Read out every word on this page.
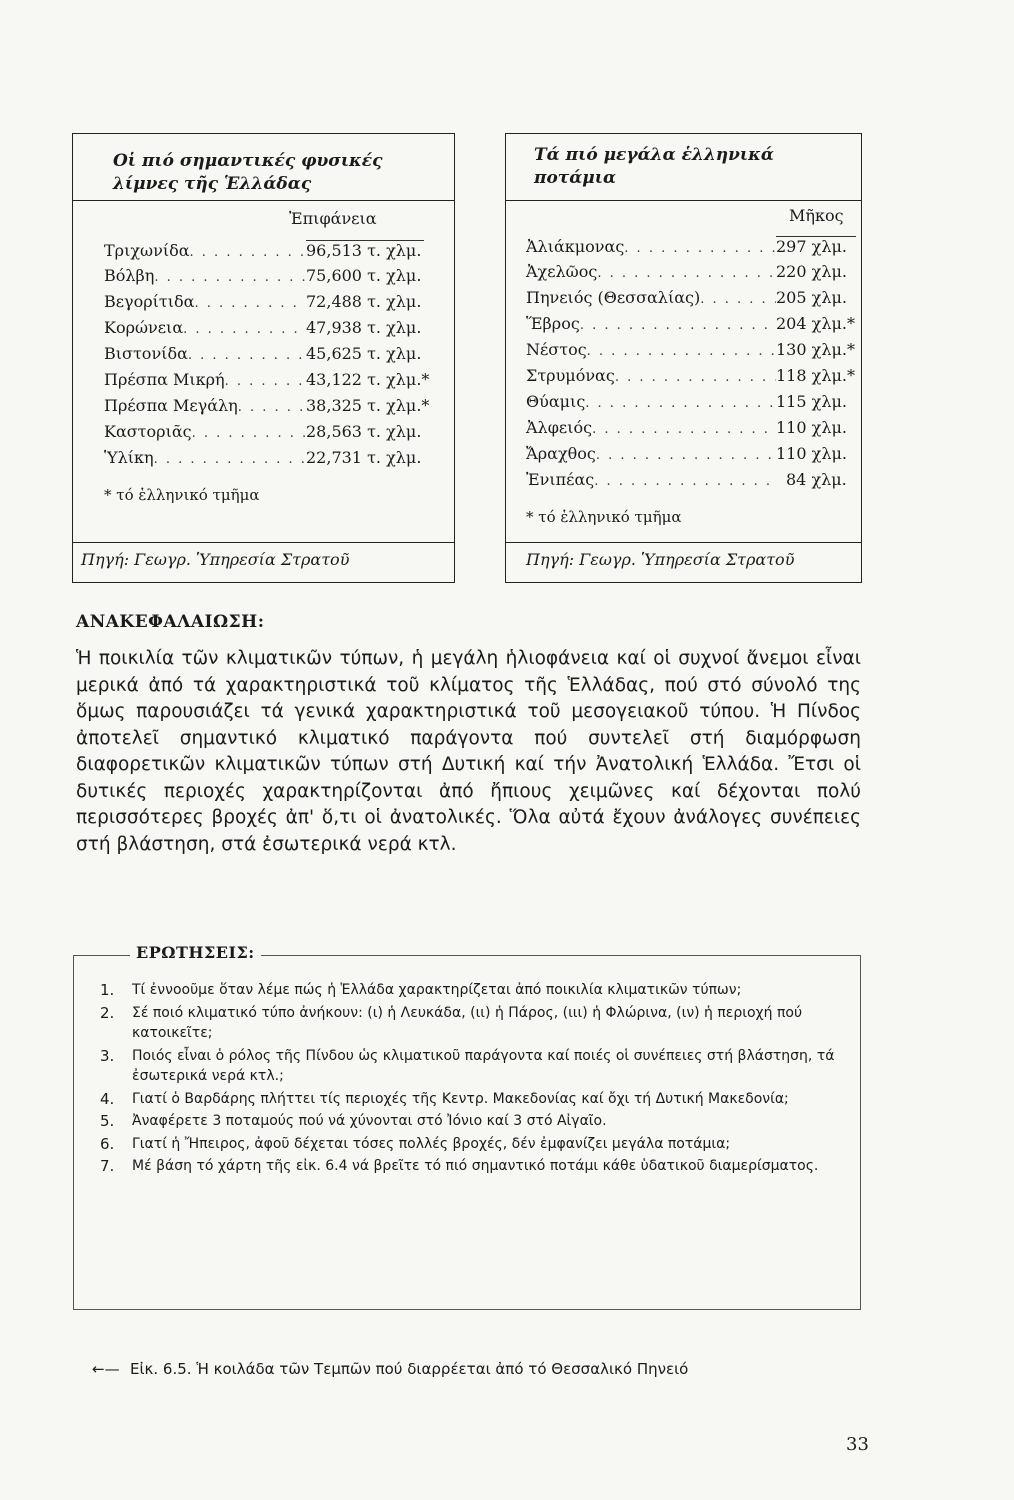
Οἱ πιό σημαντικές φυσικές
λίμνες τῆς Ἑλλάδας
Ἐπιφάνεια
Τριχωνίδα . . .	96,513 τ. χλμ.
Βόλβη . . .	75,600 τ. χλμ.
Βεγορίτιδα . . .	72,488 τ. χλμ.
Κορώνεια . . .	47,938 τ. χλμ.
Βιστονίδα . . .	45,625 τ. χλμ.
Πρέσπα Μικρή . . .	43,122 τ. χλμ.*
Πρέσπα Μεγάλη . . .	38,325 τ. χλμ.*
Καστοριᾶς . . .	28,563 τ. χλμ.
Ὑλίκη . . .	22,731 τ. χλμ.
* τό ἑλληνικό τμῆμα
Πηγή: Γεωγρ. Ὑπηρεσία Στρατοῦ
Τά πιό μεγάλα ἑλληνικά
ποτάμια
Μῆκος
Ἀλιάκμονας . . .	297 χλμ.
Ἀχελῶος . . .	220 χλμ.
Πηνειός (Θεσσαλίας) . . .	205 χλμ.
Ἕβρος . . .	204 χλμ.*
Νέστος . . .	130 χλμ.*
Στρυμόνας . . .	118 χλμ.*
Θύαμις . . .	115 χλμ.
Ἀλφειός . . .	110 χλμ.
Ἄραχθος . . .	110 χλμ.
Ἐνιπέας . . .	84 χλμ.
* τό ἑλληνικό τμῆμα
Πηγή: Γεωγρ. Ὑπηρεσία Στρατοῦ
ΑΝΑΚΕΦΑΛΑΙΩΣΗ:

Ἡ ποικιλία τῶν κλιματικῶν τύπων, ἡ μεγάλη ἡλιοφάνεια καί οἱ συχνοί ἄνεμοι εἶναι μερικά ἀπό τά χαρακτηριστικά τοῦ κλίματος τῆς Ἑλλάδας, πού στό σύνολό της ὅμως παρουσιάζει τά γενικά χαρακτηριστικά τοῦ μεσογειακοῦ τύπου. Ἡ Πίνδος ἀποτελεῖ σημαντικό κλιματικό παράγοντα πού συντελεῖ στή διαμόρφωση διαφορετικῶν κλιματικῶν τύπων στή Δυτική καί τήν Ἀνατολική Ἑλλάδα. Ἔτσι οἱ δυτικές περιοχές χαρακτηρίζονται ἀπό ἤπιους χειμῶνες καί δέχονται πολύ περισσότερες βροχές ἀπ' ὅ,τι οἱ ἀνατολικές. Ὅλα αὐτά ἔχουν ἀνάλογες συνέπειες στή βλάστηση, στά ἐσωτερικά νερά κτλ.

ΕΡΩΤΗΣΕΙΣ:
1.	Τί ἐννοοῦμε ὅταν λέμε πώς ἡ Ἑλλάδα χαρακτηρίζεται ἀπό ποικιλία κλιματικῶν τύπων;
2.	Σέ ποιό κλιματικό τύπο ἀνήκουν: (ι) ἡ Λευκάδα, (ιι) ἡ Πάρος, (ιιι) ἡ Φλώρινα, (ιν) ἡ περιοχή πού κατοικεῖτε;
3.	Ποιός εἶναι ὁ ρόλος τῆς Πίνδου ὡς κλιματικοῦ παράγοντα καί ποιές οἱ συνέπειες στή βλάστηση, τά ἐσωτερικά νερά κτλ.;
4.	Γιατί ὁ Βαρδάρης πλήττει τίς περιοχές τῆς Κεντρ. Μακεδονίας καί ὄχι τή Δυτική Μακεδονία;
5.	Ἀναφέρετε 3 ποταμούς πού νά χύνονται στό Ἰόνιο καί 3 στό Αἰγαῖο.
6.	Γιατί ἡ Ἤπειρος, ἀφοῦ δέχεται τόσες πολλές βροχές, δέν ἐμφανίζει μεγάλα ποτάμια;
7.	Μέ βάση τό χάρτη τῆς εἰκ. 6.4 νά βρεῖτε τό πιό σημαντικό ποτάμι κάθε ὑδατικοῦ διαμερίσματος.
←— Εἰκ. 6.5. Ἡ κοιλάδα τῶν Τεμπῶν πού διαρρέεται ἀπό τό Θεσσαλικό Πηνειό
33
